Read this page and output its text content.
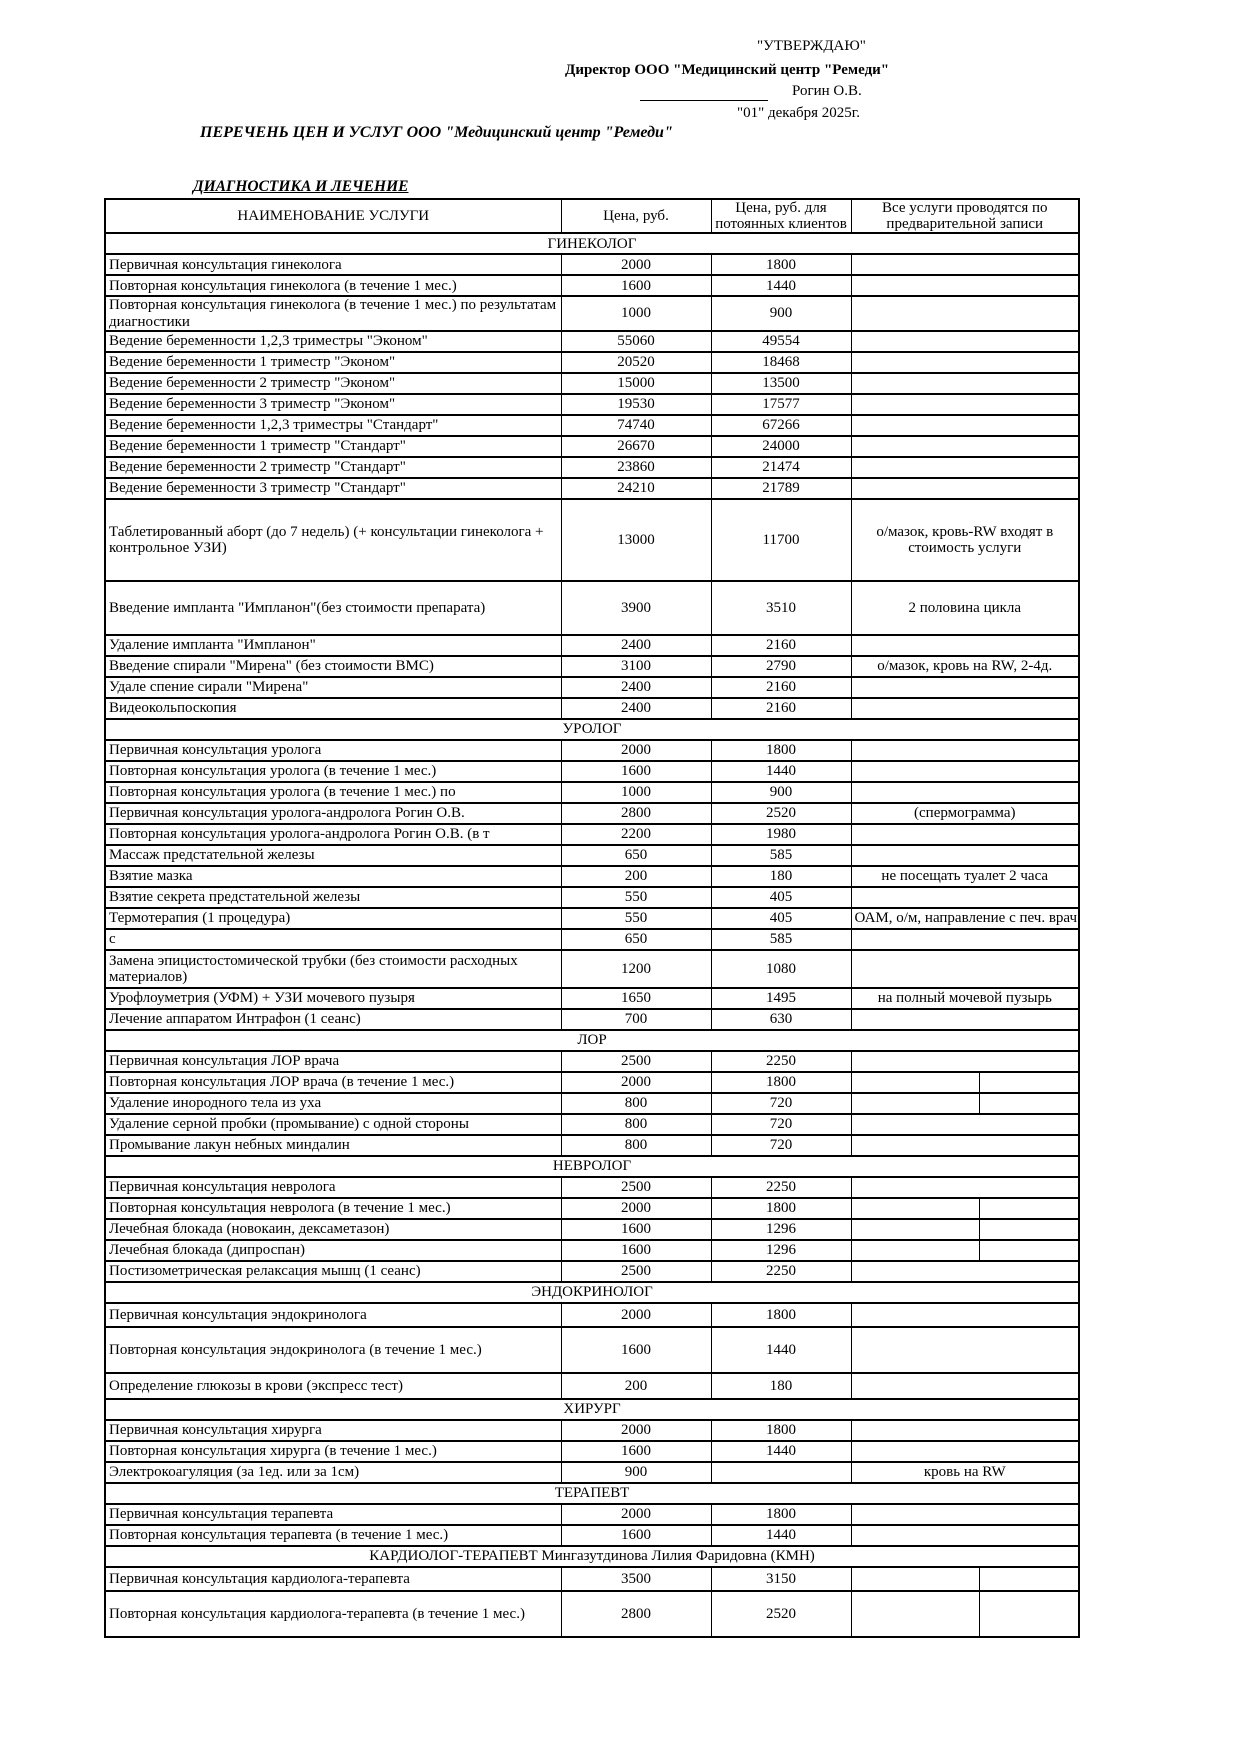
"УТВЕРЖДАЮ"
Директор ООО "Медицинский центр "Ремеди"
Рогин О.В.
"01" декабря 2025г.
ПЕРЕЧЕНЬ ЦЕН И УСЛУГ ООО "Медицинский центр "Ремеди"
ДИАГНОСТИКА И ЛЕЧЕНИЕ
НАИМЕНОВАНИЕ УСЛУГИ	Цена, руб.	Цена, руб. для потоянных клиентов	Все услуги проводятся по предварительной записи	
ГИНЕКОЛОГ				
Первичная консультация гинеколога	2000	1800		
Повторная консультация гинеколога (в течение 1 мес.)	1600	1440		
Повторная консультация гинеколога (в течение 1 мес.) по результатам диагностики	1000	900		
Ведение беременности 1,2,3 триместры "Эконом"	55060	49554		
Ведение беременности 1 триместр "Эконом"	20520	18468		
Ведение беременности 2 триместр "Эконом"	15000	13500		
Ведение беременности 3 триместр "Эконом"	19530	17577		
Ведение беременности 1,2,3 триместры "Стандарт"	74740	67266		
Ведение беременности 1 триместр "Стандарт"	26670	24000		
Ведение беременности 2 триместр "Стандарт"	23860	21474		
Ведение беременности 3 триместр "Стандарт"	24210	21789		
Таблетированный аборт (до 7 недель) (+ консультации гинеколога + контрольное УЗИ)	13000	11700	о/мазок, кровь-RW входят в стоимость услуги	
Введение импланта "Импланон"(без стоимости препарата)	3900	3510	2 половина цикла	
Удаление импланта "Импланон"	2400	2160		
Введение спирали "Мирена" (без стоимости ВМС)	3100	2790	о/мазок, кровь на RW, 2-4д.	
Удале спение сирали "Мирена"	2400	2160		
Видеокольпоскопия	2400	2160		
УРОЛОГ				
Первичная консультация уролога	2000	1800		
Повторная консультация уролога (в течение 1 мес.)	1600	1440		
Повторная консультация уролога (в течение 1 мес.) по	1000	900		
Первичная консультация уролога-андролога Рогин О.В.	2800	2520	(спермограмма)	
Повторная консультация уролога-андролога Рогин О.В. (в т	2200	1980		
Массаж предстательной железы	650	585		
Взятие мазка	200	180	не посещать туалет 2 часа	
Взятие секрета предстательной железы	550	405		
Термотерапия (1 процедура)	550	405	ОАМ, о/м, направление с печ. врач	
с	650	585		
Замена эпицистостомической трубки (без стоимости расходных материалов)	1200	1080		
Урофлоуметрия (УФМ) + УЗИ мочевого пузыря	1650	1495	на полный мочевой пузырь	
Лечение аппаратом Интрафон (1 сеанс)	700	630		
ЛОР				
Первичная консультация ЛОР врача	2500	2250		
Повторная консультация ЛОР врача (в течение 1 мес.)	2000	1800		
Удаление инородного тела из уха	800	720		
Удаление серной пробки (промывание) с одной стороны	800	720		
Промывание лакун небных миндалин	800	720		
НЕВРОЛОГ				
Первичная консультация невролога	2500	2250		
Повторная консультация невролога (в течение 1 мес.)	2000	1800		
Лечебная блокада (новокаин, дексаметазон)	1600	1296		
Лечебная блокада (дипроспан)	1600	1296		
Постизометрическая релаксация мышц (1 сеанс)	2500	2250		
ЭНДОКРИНОЛОГ				
Первичная консультация эндокринолога	2000	1800		
Повторная консультация эндокринолога (в течение 1 мес.)	1600	1440		
Определение глюкозы в крови (экспресс тест)	200	180		
ХИРУРГ				
Первичная консультация хирурга	2000	1800		
Повторная консультация хирурга (в течение 1 мес.)	1600	1440		
Электрокоагуляция (за 1ед. или за 1см)	900		кровь на RW	
ТЕРАПЕВТ				
Первичная консультация терапевта	2000	1800		
Повторная консультация терапевта (в течение 1 мес.)	1600	1440		
КАРДИОЛОГ-ТЕРАПЕВТ Мингазутдинова Лилия Фаридовна (КМН)				
Первичная консультация кардиолога-терапевта	3500	3150		
Повторная консультация кардиолога-терапевта (в течение 1 мес.)	2800	2520		
